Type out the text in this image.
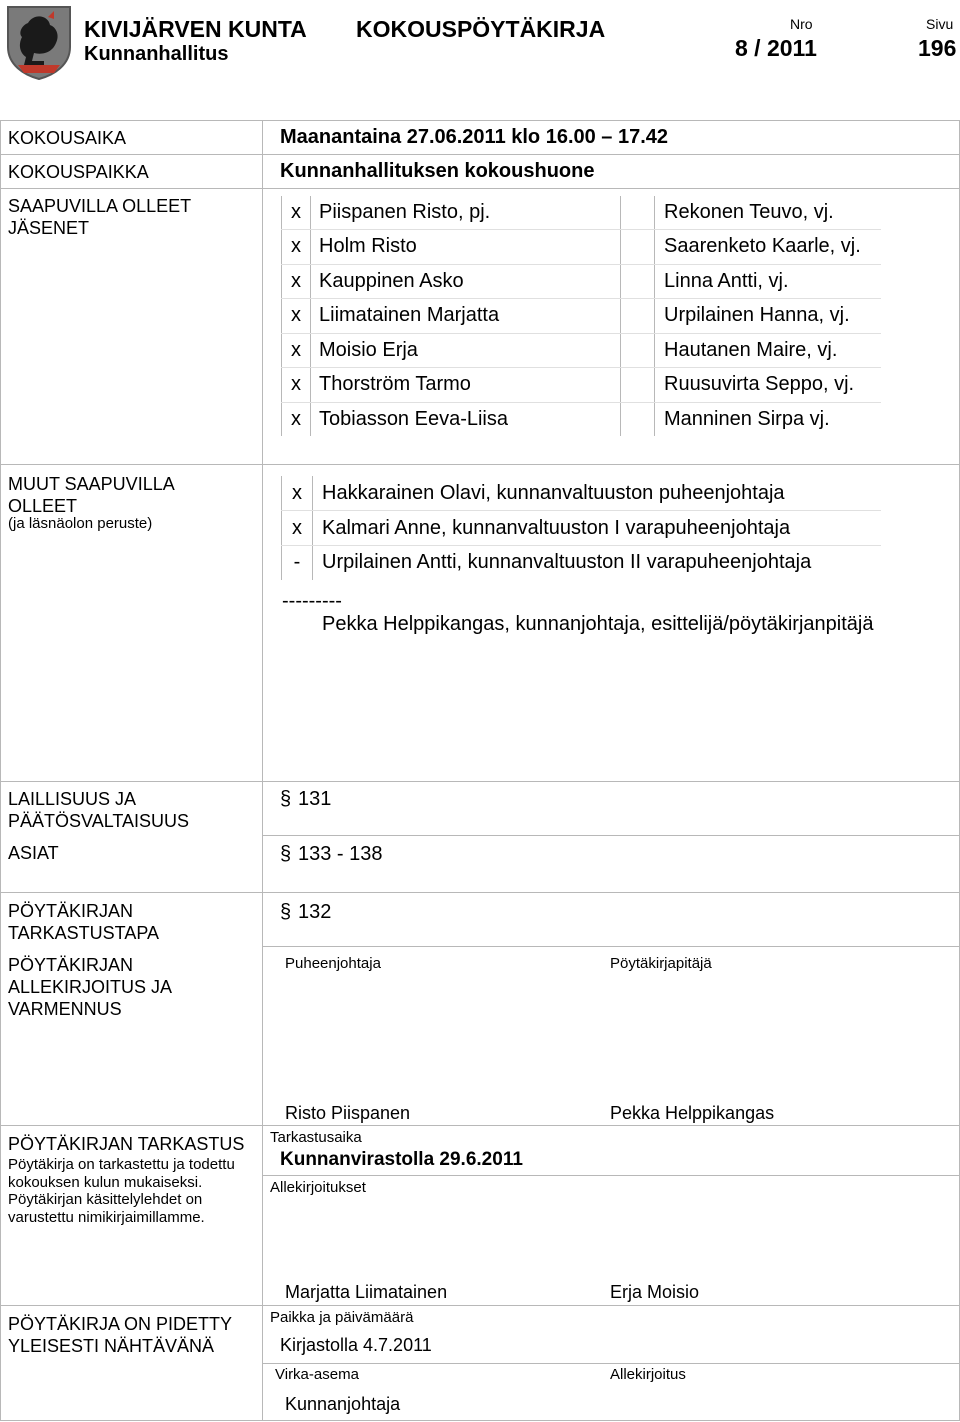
KIVIJÄRVEN KUNTA
Kunnanhallitus
KOKOUSPÖYTÄKIRJA	Nro
8 / 2011
Sivu
196
KOKOUSAIKA	Maanantaina 27.06.2011 klo 16.00 – 17.42
KOKOUSPAIKKA	Kunnanhallituksen kokoushuone
SAAPUVILLA OLLEET JÄSENET
x Piispanen Risto, pj.	Rekonen Teuvo, vj.
x Holm Risto	Saarenketo Kaarle, vj.
x Kauppinen Asko	Linna Antti, vj.
x Liimatainen Marjatta	Urpilainen Hanna, vj.
x Moisio Erja	Hautanen Maire, vj.
x Thorström Tarmo	Ruusuvirta Seppo, vj.
x Tobiasson Eeva-Liisa	Manninen Sirpa vj.
MUUT SAAPUVILLA OLLEET
(ja läsnäolon peruste)
x Hakkarainen Olavi, kunnanvaltuuston puheenjohtaja
x Kalmari Anne, kunnanvaltuuston I varapuheenjohtaja
-	Urpilainen Antti, kunnanvaltuuston II varapuheenjohtaja
---------
Pekka Helppikangas, kunnanjohtaja, esittelijä/pöytäkirjanpitäjä
LAILLISUUS JA PÄÄTÖSVALTAISUUS
§ 131
ASIAT	§ 133 - 138
PÖYTÄKIRJAN TARKASTUSTAPA
§ 132
PÖYTÄKIRJAN ALLEKIRJOITUS JA VARMENNUS
Puheenjohtaja	Pöytäkirjapitäjä
Risto Piispanen	Pekka Helppikangas
PÖYTÄKIRJAN TARKASTUS
Pöytäkirja on tarkastettu ja todettu kokouksen kulun mukaiseksi. Pöytäkirjan käsittelylehdet on varustettu nimikirjaimillamme.
Tarkastusaika
Kunnanvirastolla 29.6.2011
Allekirjoitukset
Marjatta Liimatainen	Erja Moisio
PÖYTÄKIRJA ON PIDETTY YLEISESTI NÄHTÄVÄNÄ
Paikka ja päivämäärä
Kirjastolla 4.7.2011
Virka-asema	Allekirjoitus
Kunnanjohtaja
